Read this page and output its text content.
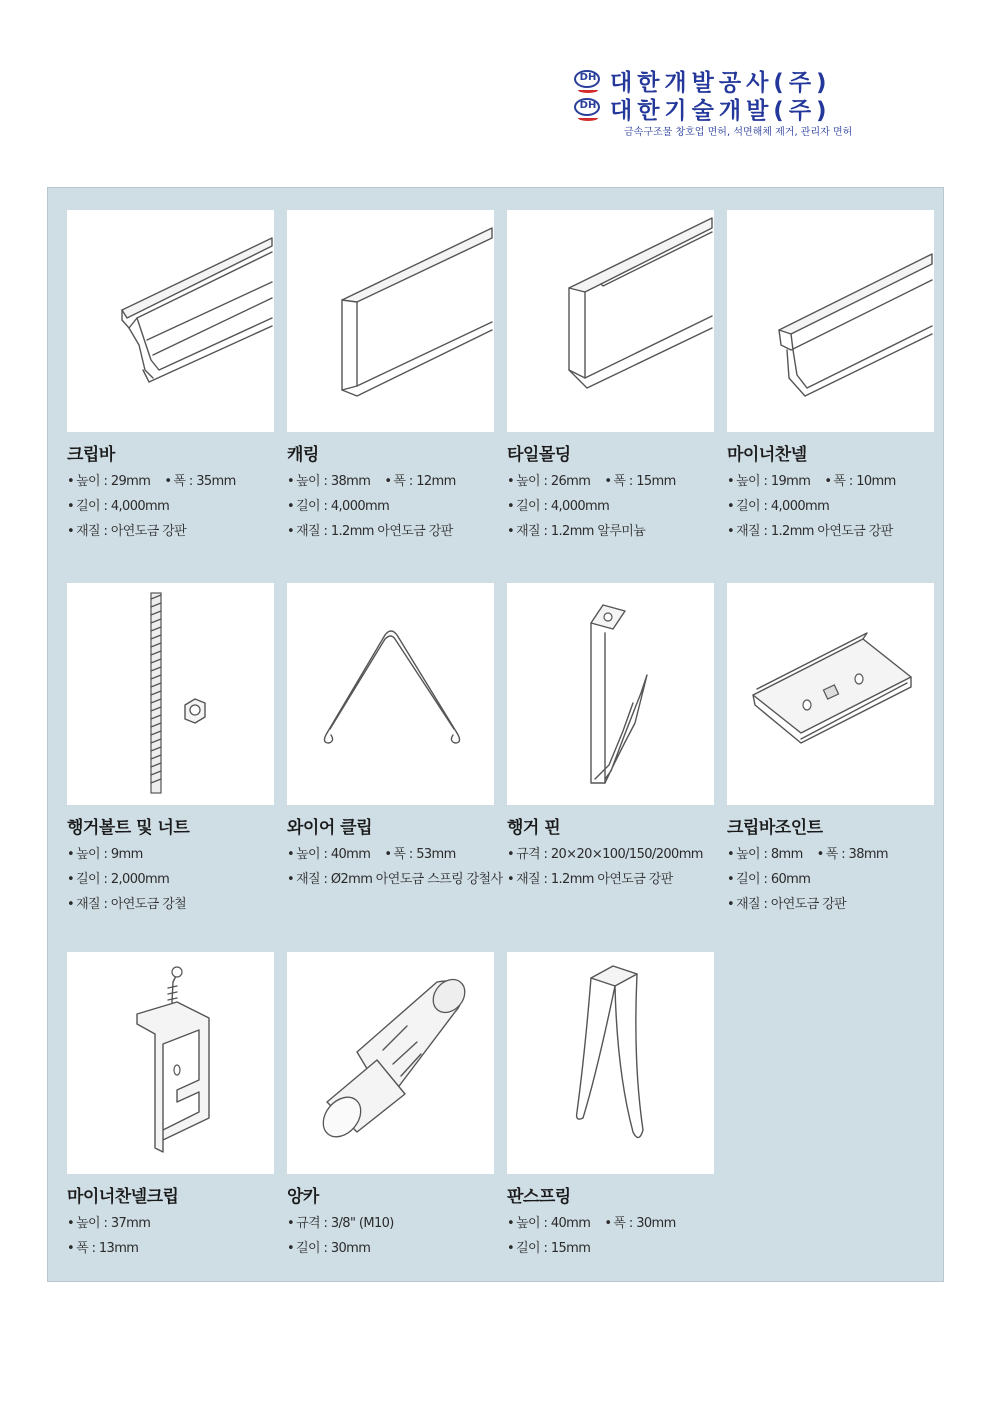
DH 대한개발공사(주)
DH 대한기술개발(주)
금속구조물 창호업 면허, 석면해체 제거, 관리자 면허
크립바
• 높이 : 29mm • 폭 : 35mm
• 길이 : 4,000mm
• 재질 : 아연도금 강판
캐링
• 높이 : 38mm • 폭 : 12mm
• 길이 : 4,000mm
• 재질 : 1.2mm 아연도금 강판
타일몰딩
• 높이 : 26mm • 폭 : 15mm
• 길이 : 4,000mm
• 재질 : 1.2mm 알루미늄
마이너찬넬
• 높이 : 19mm • 폭 : 10mm
• 길이 : 4,000mm
• 재질 : 1.2mm 아연도금 강판
행거볼트 및 너트
• 높이 : 9mm
• 길이 : 2,000mm
• 재질 : 아연도금 강철
와이어 클립
• 높이 : 40mm • 폭 : 53mm
• 재질 : Ø2mm 아연도금 스프링 강철사
행거 핀
• 규격 : 20×20×100/150/200mm
• 재질 : 1.2mm 아연도금 강판
크립바조인트
• 높이 : 8mm • 폭 : 38mm
• 길이 : 60mm
• 재질 : 아연도금 강판
마이너찬넬크립
• 높이 : 37mm
• 폭 : 13mm
앙카
• 규격 : 3/8" (M10)
• 길이 : 30mm
판스프링
• 높이 : 40mm • 폭 : 30mm
• 길이 : 15mm
